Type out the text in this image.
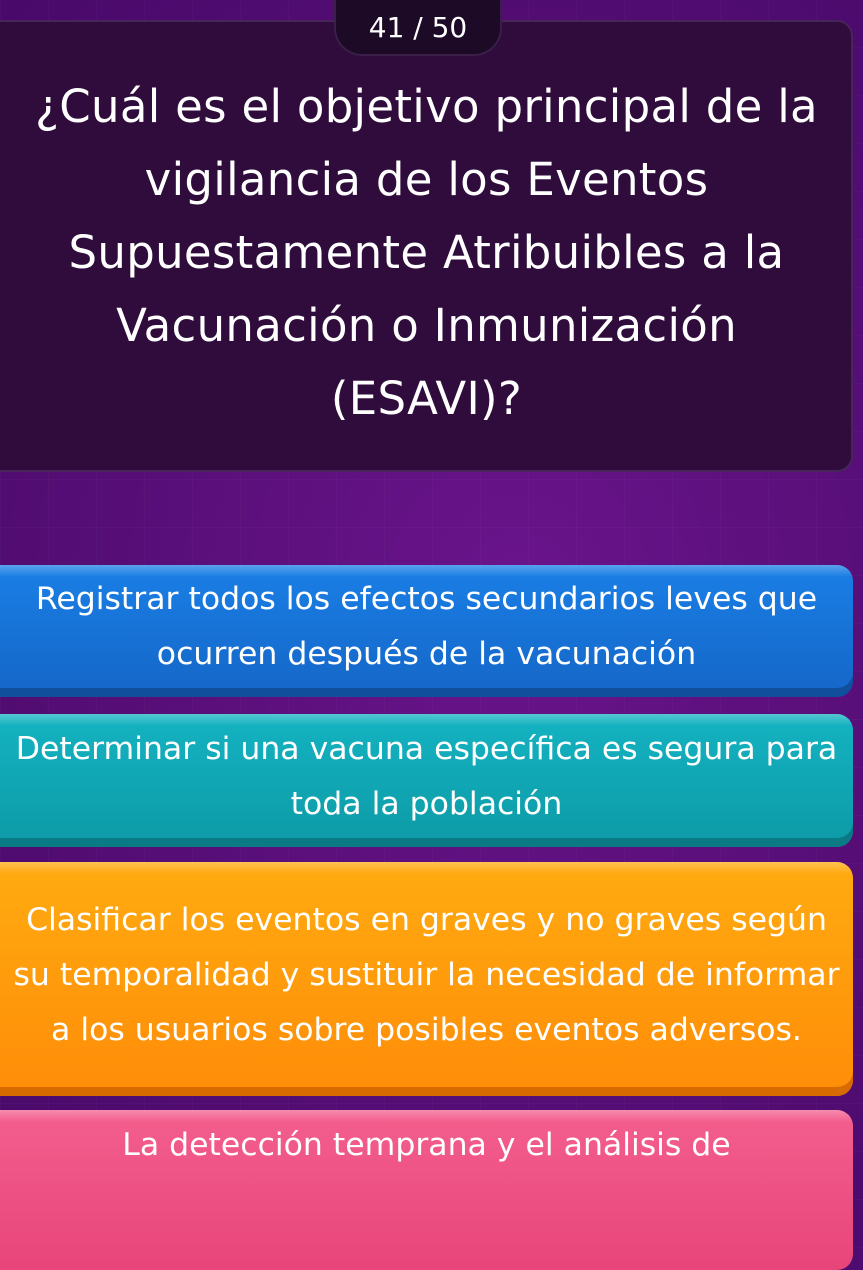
41 / 50
¿Cuál es el objetivo principal de la vigilancia de los Eventos Supuestamente Atribuibles a la Vacunación o Inmunización (ESAVI)?
Registrar todos los efectos secundarios leves que ocurren después de la vacunación
Determinar si una vacuna específica es segura para toda la población
Clasificar los eventos en graves y no graves según su temporalidad y sustituir la necesidad de informar a los usuarios sobre posibles eventos adversos.
La detección temprana y el análisis de
